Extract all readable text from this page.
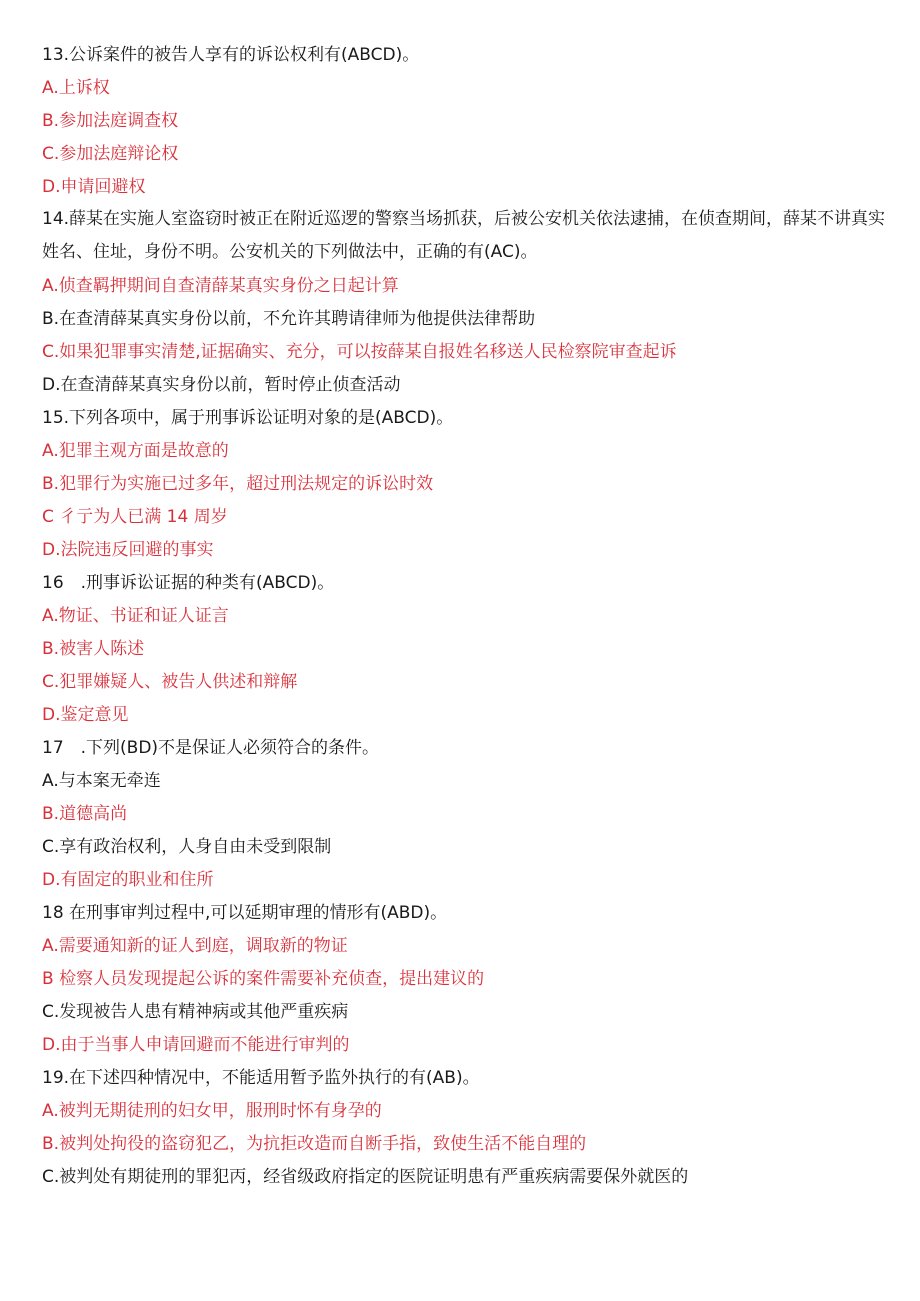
13.公诉案件的被告人享有的诉讼权利有(ABCD)。
A.上诉权
B.参加法庭调查权
C.参加法庭辩论权
D.申请回避权
14.薛某在实施人室盗窃时被正在附近巡逻的警察当场抓获，后被公安机关依法逮捕，在侦查期间，薛某不讲真实姓名、住址，身份不明。公安机关的下列做法中，正确的有(AC)。
A.侦查羁押期间自查清薛某真实身份之日起计算
B.在查清薛某真实身份以前，不允许其聘请律师为他提供法律帮助
C.如果犯罪事实清楚,证据确实、充分，可以按薛某自报姓名移送人民检察院审查起诉
D.在查清薛某真实身份以前，暂时停止侦查活动
15.下列各项中，属于刑事诉讼证明对象的是(ABCD)。
A.犯罪主观方面是故意的
B.犯罪行为实施已过多年，超过刑法规定的诉讼时效
C 彳亍为人已满 14 周岁
D.法院违反回避的事实
16　.刑事诉讼证据的种类有(ABCD)。
A.物证、书证和证人证言
B.被害人陈述
C.犯罪嫌疑人、被告人供述和辩解
D.鉴定意见
17　.下列(BD)不是保证人必须符合的条件。
A.与本案无牵连
B.道德高尚
C.享有政治权利，人身自由未受到限制
D.有固定的职业和住所
18 在刑事审判过程中,可以延期审理的情形有(ABD)。
A.需要通知新的证人到庭，调取新的物证
B 检察人员发现提起公诉的案件需要补充侦查，提出建议的
C.发现被告人患有精神病或其他严重疾病
D.由于当事人申请回避而不能进行审判的
19.在下述四种情况中，不能适用暂予监外执行的有(AB)。
A.被判无期徒刑的妇女甲，服刑时怀有身孕的
B.被判处拘役的盗窃犯乙，为抗拒改造而自断手指，致使生活不能自理的
C.被判处有期徒刑的罪犯丙，经省级政府指定的医院证明患有严重疾病需要保外就医的
